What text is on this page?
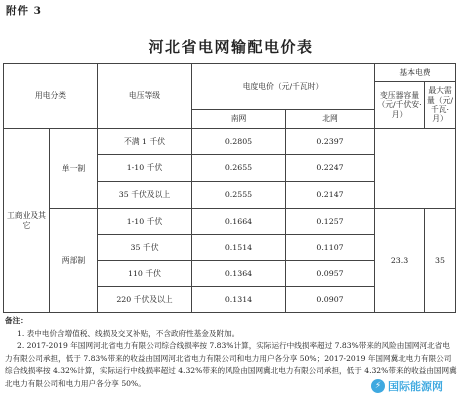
附件 3
河北省电网输配电价表
用电分类		电压等级	电度电价（元/千瓦时）		基本电费	
					变压器容量（元/千伏安·月）	最大需量（元/千瓦·月）
			南网	北网		
工商业及其它	单一制	不满 1 千伏	0.2805	0.2397		
		1-10 千伏	0.2655	0.2247		
		35 千伏及以上	0.2555	0.2147		
	两部制	1-10 千伏	0.1664	0.1257	23.3	35
		35 千伏	0.1514	0.1107		
		110 千伏	0.1364	0.0957		
		220 千伏及以上	0.1314	0.0907		
备注：

1. 表中电价含增值税、线损及交叉补贴，不含政府性基金及附加。

2. 2017-2019 年国网河北省电力有限公司综合线损率按 7.83%计算，实际运行中线损率超过 7.83%带来的风险由国网河北省电力有限公司承担，低于 7.83%带来的收益由国网河北省电力有限公司和电力用户各分享 50%；2017-2019 年国网冀北电力有限公司综合线损率按 4.32%计算，实际运行中线损率超过 4.32%带来的风险由国网冀北电力有限公司承担，低于 4.32%带来的收益由国网冀北电力有限公司和电力用户各分享 50%。	⚡ 国际能源网
